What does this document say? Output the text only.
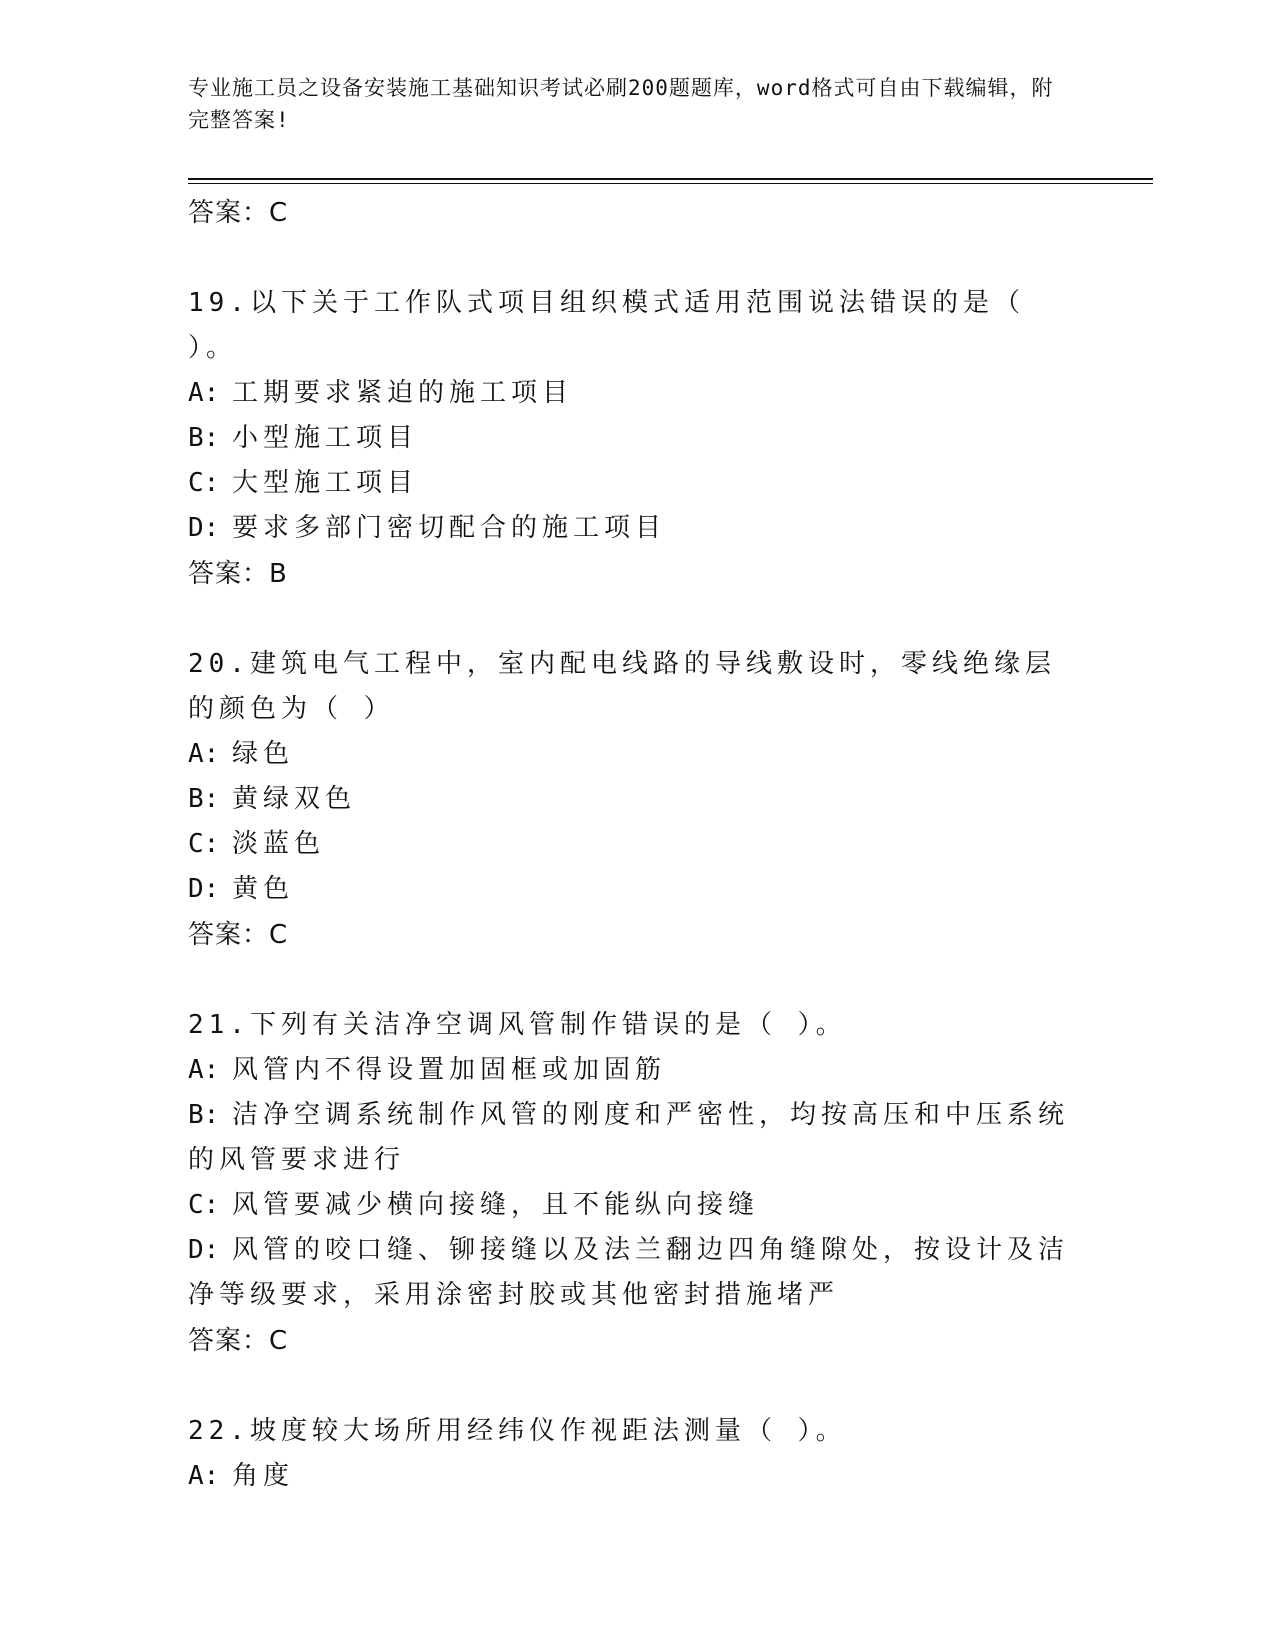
专业施工员之设备安装施工基础知识考试必刷200题题库，word格式可自由下载编辑，附完整答案!
答案：C
19.以下关于工作队式项目组织模式适用范围说法错误的是（ ）。
A: 工期要求紧迫的施工项目
B: 小型施工项目
C: 大型施工项目
D: 要求多部门密切配合的施工项目
答案：B
20.建筑电气工程中，室内配电线路的导线敷设时，零线绝缘层的颜色为（ ）
A: 绿色
B: 黄绿双色
C: 淡蓝色
D: 黄色
答案：C
21.下列有关洁净空调风管制作错误的是（ ）。
A: 风管内不得设置加固框或加固筋
B: 洁净空调系统制作风管的刚度和严密性，均按高压和中压系统的风管要求进行
C: 风管要减少横向接缝，且不能纵向接缝
D: 风管的咬口缝、铆接缝以及法兰翻边四角缝隙处，按设计及洁净等级要求，采用涂密封胶或其他密封措施堵严
答案：C
22.坡度较大场所用经纬仪作视距法测量（ ）。
A: 角度
